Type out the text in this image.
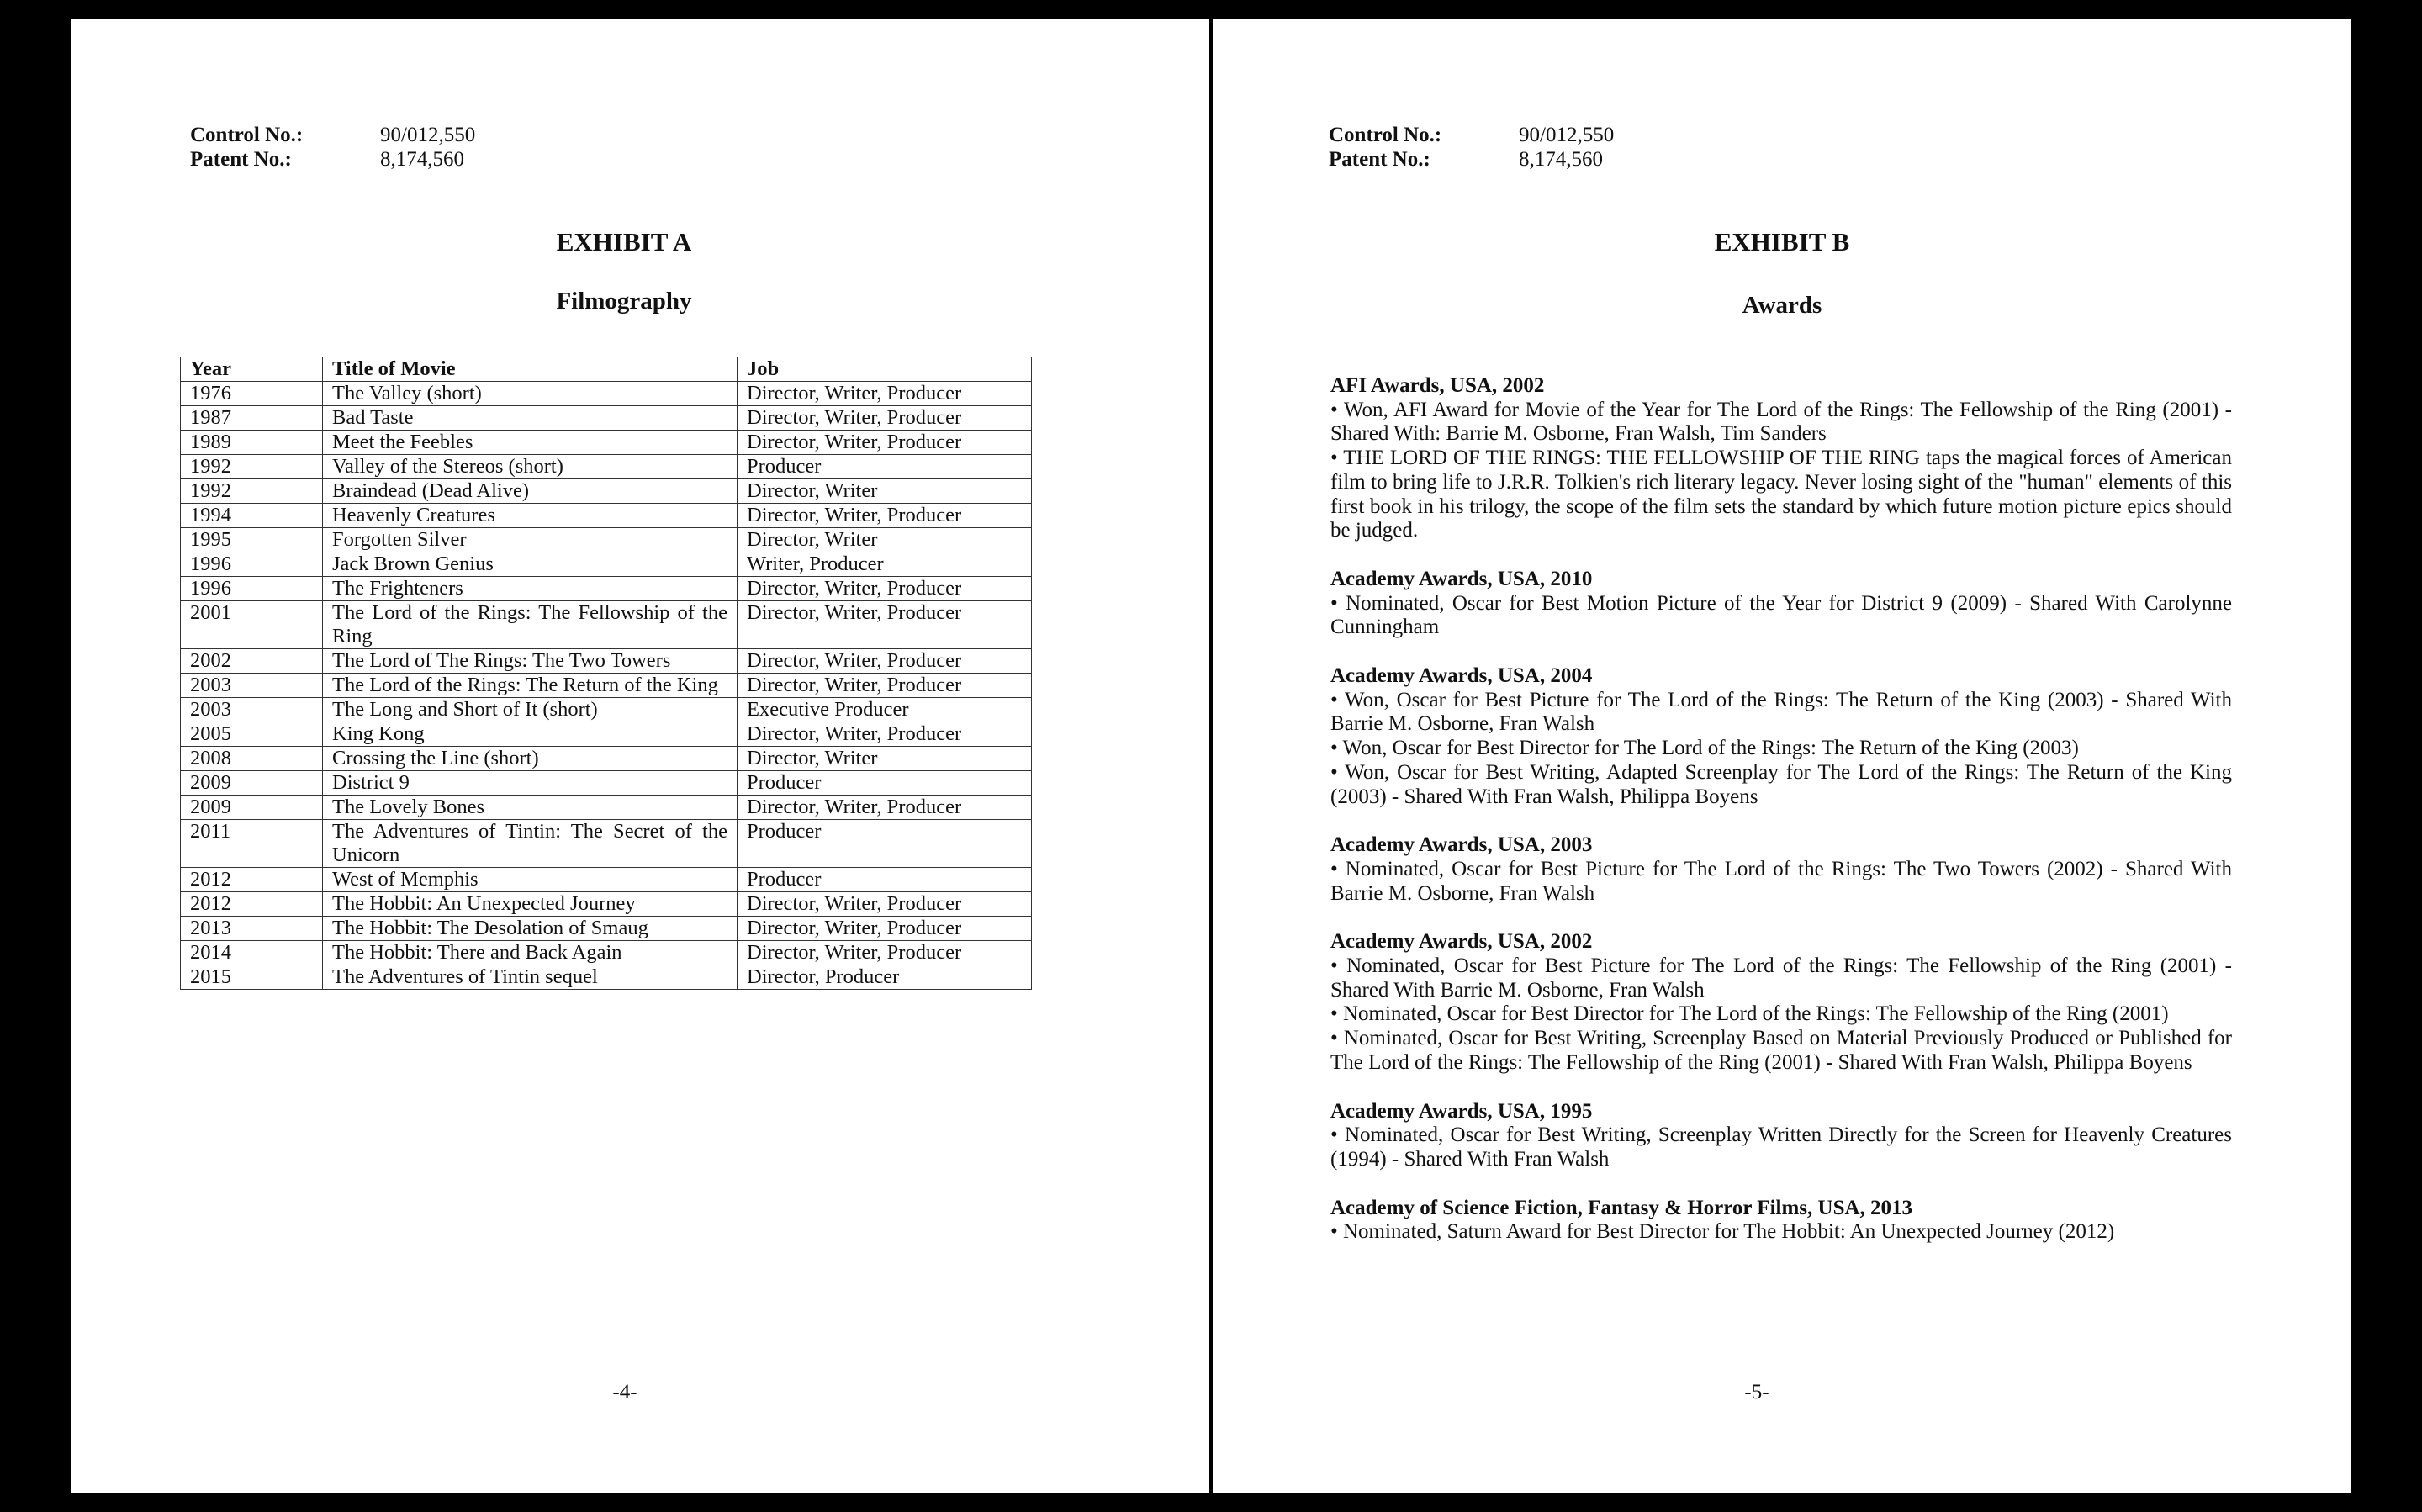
Control No.:	90/012,550
Patent No.:	8,174,560
EXHIBIT A
Filmography
Year	Title of Movie	Job
1976	The Valley (short)	Director, Writer, Producer
1987	Bad Taste	Director, Writer, Producer
1989	Meet the Feebles	Director, Writer, Producer
1992	Valley of the Stereos (short)	Producer
1992	Braindead (Dead Alive)	Director, Writer
1994	Heavenly Creatures	Director, Writer, Producer
1995	Forgotten Silver	Director, Writer
1996	Jack Brown Genius	Writer, Producer
1996	The Frighteners	Director, Writer, Producer
2001	The Lord of the Rings: The Fellowship of the Ring	Director, Writer, Producer
2002	The Lord of The Rings: The Two Towers	Director, Writer, Producer
2003	The Lord of the Rings: The Return of the King	Director, Writer, Producer
2003	The Long and Short of It (short)	Executive Producer
2005	King Kong	Director, Writer, Producer
2008	Crossing the Line (short)	Director, Writer
2009	District 9	Producer
2009	The Lovely Bones	Director, Writer, Producer
2011	The Adventures of Tintin: The Secret of the Unicorn	Producer
2012	West of Memphis	Producer
2012	The Hobbit: An Unexpected Journey	Director, Writer, Producer
2013	The Hobbit: The Desolation of Smaug	Director, Writer, Producer
2014	The Hobbit: There and Back Again	Director, Writer, Producer
2015	The Adventures of Tintin sequel	Director, Producer
-4-
Control No.:	90/012,550
Patent No.:	8,174,560
EXHIBIT B
Awards
AFI Awards, USA, 2002
• Won, AFI Award for Movie of the Year for The Lord of the Rings: The Fellowship of the Ring (2001) - Shared With: Barrie M. Osborne, Fran Walsh, Tim Sanders
• THE LORD OF THE RINGS: THE FELLOWSHIP OF THE RING taps the magical forces of American film to bring life to J.R.R. Tolkien's rich literary legacy. Never losing sight of the "human" elements of this first book in his trilogy, the scope of the film sets the standard by which future motion picture epics should be judged.
Academy Awards, USA, 2010
• Nominated, Oscar for Best Motion Picture of the Year for District 9 (2009) - Shared With Carolynne Cunningham
Academy Awards, USA, 2004
• Won, Oscar for Best Picture for The Lord of the Rings: The Return of the King (2003) - Shared With Barrie M. Osborne, Fran Walsh
• Won, Oscar for Best Director for The Lord of the Rings: The Return of the King (2003)
• Won, Oscar for Best Writing, Adapted Screenplay for The Lord of the Rings: The Return of the King (2003) - Shared With Fran Walsh, Philippa Boyens
Academy Awards, USA, 2003
• Nominated, Oscar for Best Picture for The Lord of the Rings: The Two Towers (2002) - Shared With Barrie M. Osborne, Fran Walsh
Academy Awards, USA, 2002
• Nominated, Oscar for Best Picture for The Lord of the Rings: The Fellowship of the Ring (2001) - Shared With Barrie M. Osborne, Fran Walsh
• Nominated, Oscar for Best Director for The Lord of the Rings: The Fellowship of the Ring (2001)
• Nominated, Oscar for Best Writing, Screenplay Based on Material Previously Produced or Published for The Lord of the Rings: The Fellowship of the Ring (2001) - Shared With Fran Walsh, Philippa Boyens
Academy Awards, USA, 1995
• Nominated, Oscar for Best Writing, Screenplay Written Directly for the Screen for Heavenly Creatures (1994) - Shared With Fran Walsh
Academy of Science Fiction, Fantasy & Horror Films, USA, 2013
• Nominated, Saturn Award for Best Director for The Hobbit: An Unexpected Journey (2012)
-5-
